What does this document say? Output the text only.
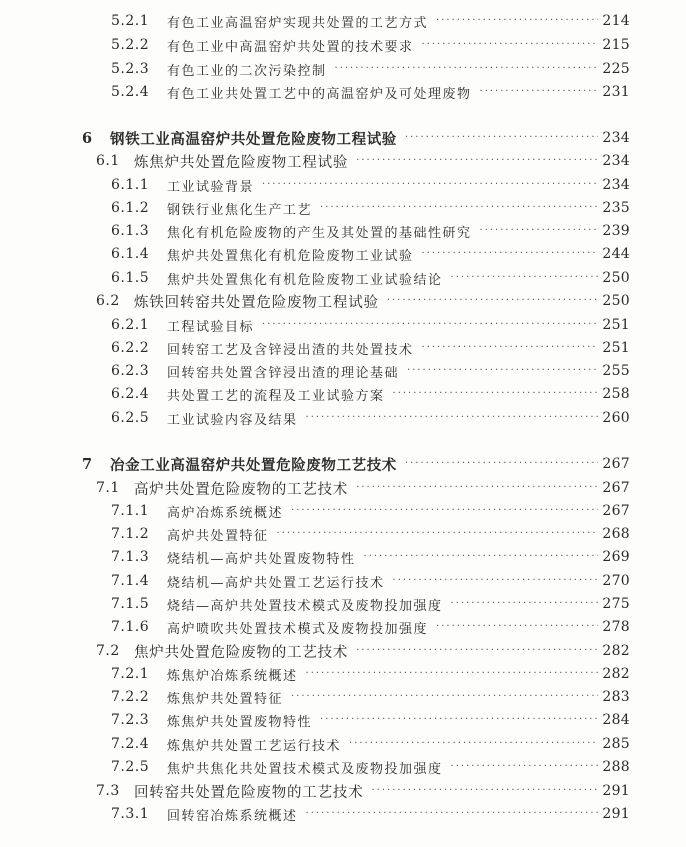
5.2.1 有色工业高温窑炉实现共处置的工艺方式 ·····	214
5.2.2 有色工业中高温窑炉共处置的技术要求 ·····	215
5.2.3 有色工业的二次污染控制 ·····	225
5.2.4 有色工业共处置工艺中的高温窑炉及可处理废物 ·····	231
6	钢铁工业高温窑炉共处置危险废物工程试验 ·····	234
6.1 炼焦炉共处置危险废物工程试验 ·····	234
6.1.1 工业试验背景 ·····	234
6.1.2 钢铁行业焦化生产工艺 ·····	235
6.1.3 焦化有机危险废物的产生及其处置的基础性研究 ·····	239
6.1.4 焦炉共处置焦化有机危险废物工业试验 ·····	244
6.1.5 焦炉共处置焦化有机危险废物工业试验结论 ·····	250
6.2 炼铁回转窑共处置危险废物工程试验 ·····	250
6.2.1 工程试验目标 ·····	251
6.2.2 回转窑工艺及含锌浸出渣的共处置技术 ·····	251
6.2.3 回转窑共处置含锌浸出渣的理论基础 ·····	255
6.2.4 共处置工艺的流程及工业试验方案 ·····	258
6.2.5 工业试验内容及结果 ·····	260
7	冶金工业高温窑炉共处置危险废物工艺技术 ·····	267
7.1 高炉共处置危险废物的工艺技术 ·····	267
7.1.1 高炉冶炼系统概述 ·····	267
7.1.2 高炉共处置特征 ·····	268
7.1.3 烧结机—高炉共处置废物特性 ·····	269
7.1.4 烧结机—高炉共处置工艺运行技术 ·····	270
7.1.5 烧结—高炉共处置技术模式及废物投加强度 ·····	275
7.1.6 高炉喷吹共处置技术模式及废物投加强度 ·····	278
7.2 焦炉共处置危险废物的工艺技术 ·····	282
7.2.1 炼焦炉冶炼系统概述 ·····	282
7.2.2 炼焦炉共处置特征 ·····	283
7.2.3 炼焦炉共处置废物特性 ·····	284
7.2.4 炼焦炉共处置工艺运行技术 ·····	285
7.2.5 焦炉共焦化共处置技术模式及废物投加强度 ·····	288
7.3 回转窑共处置危险废物的工艺技术 ·····	291
7.3.1 回转窑冶炼系统概述 ·····	291
